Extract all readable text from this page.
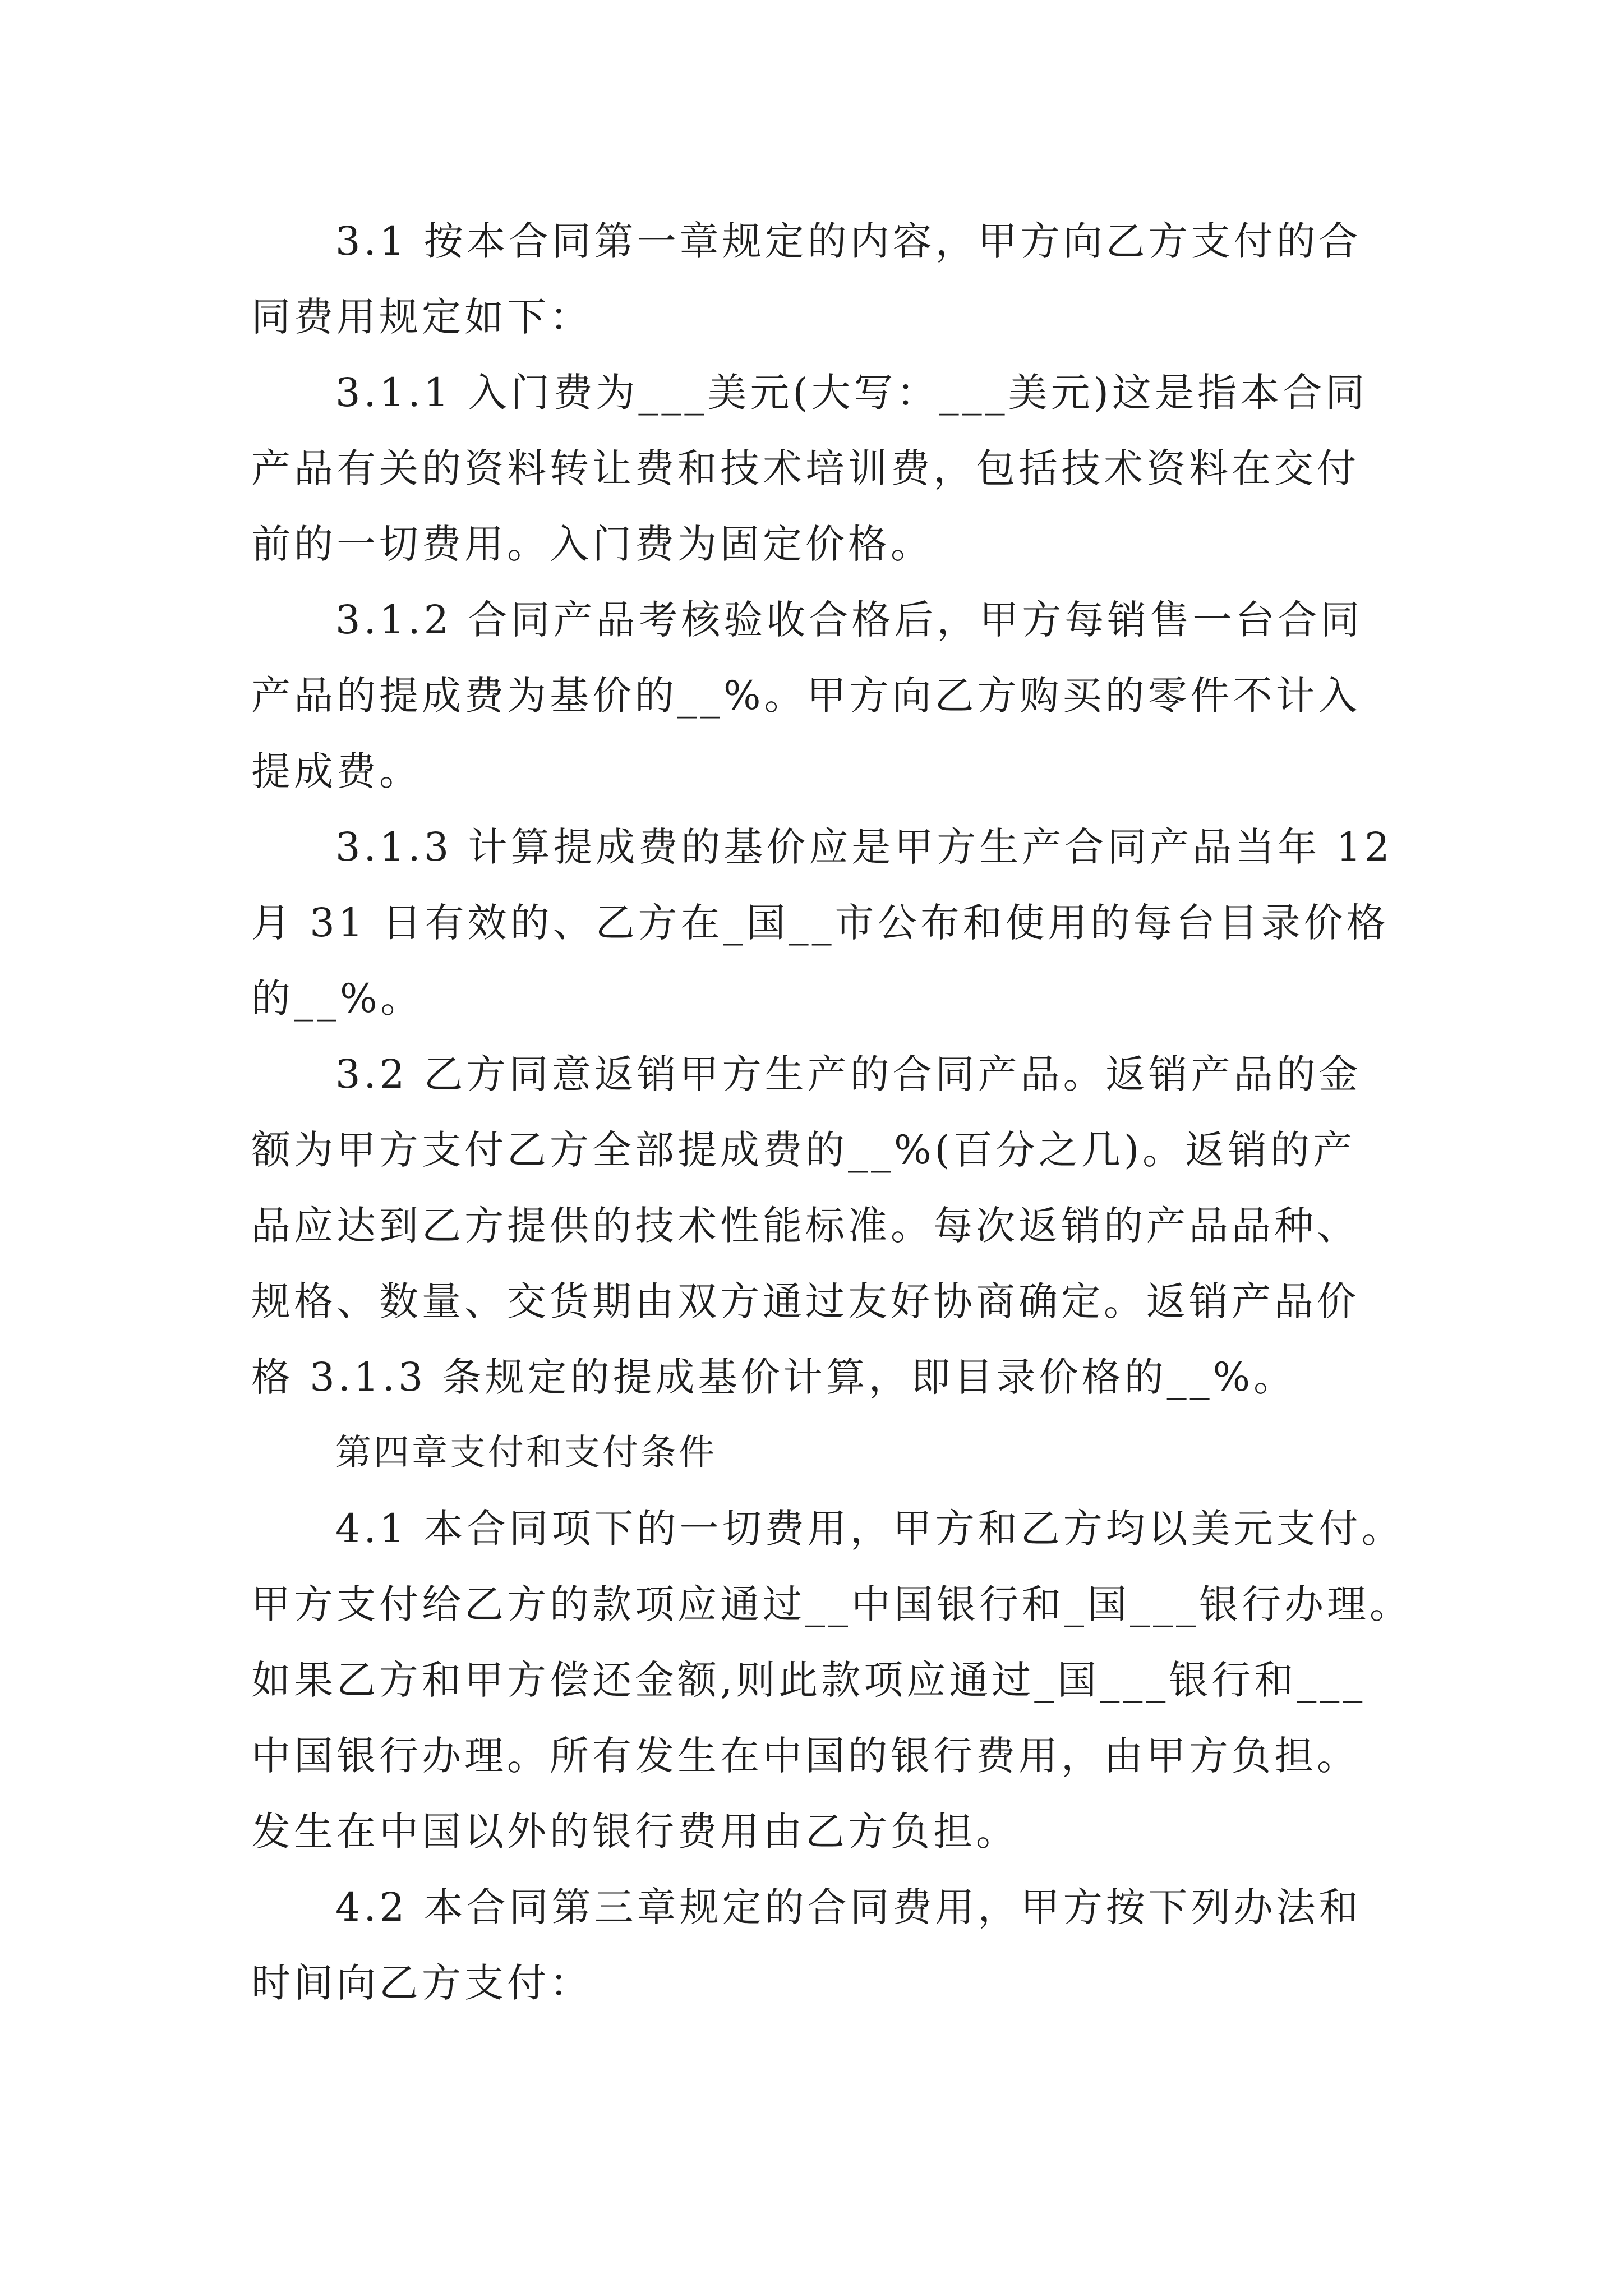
3.1 按本合同第一章规定的内容，甲方向乙方支付的合

同费用规定如下：

3.1.1 入门费为___美元(大写：___美元)这是指本合同

产品有关的资料转让费和技术培训费，包括技术资料在交付

前的一切费用。入门费为固定价格。

3.1.2 合同产品考核验收合格后，甲方每销售一台合同

产品的提成费为基价的__%。甲方向乙方购买的零件不计入

提成费。

3.1.3 计算提成费的基价应是甲方生产合同产品当年 12

月 31 日有效的、乙方在_国__市公布和使用的每台目录价格

的__%。

3.2 乙方同意返销甲方生产的合同产品。返销产品的金

额为甲方支付乙方全部提成费的__%(百分之几)。返销的产

品应达到乙方提供的技术性能标准。每次返销的产品品种、

规格、数量、交货期由双方通过友好协商确定。返销产品价

格 3.1.3 条规定的提成基价计算，即目录价格的__%。

第四章支付和支付条件

4.1 本合同项下的一切费用，甲方和乙方均以美元支付。

甲方支付给乙方的款项应通过__中国银行和_国___银行办理。

如果乙方和甲方偿还金额,则此款项应通过_国___银行和___

中国银行办理。所有发生在中国的银行费用，由甲方负担。

发生在中国以外的银行费用由乙方负担。

4.2 本合同第三章规定的合同费用，甲方按下列办法和

时间向乙方支付：
